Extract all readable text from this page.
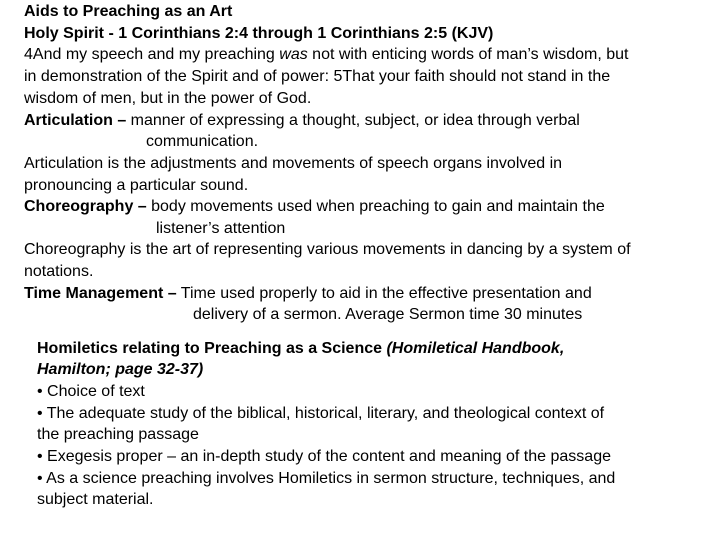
Aids to Preaching as an Art
Holy Spirit - 1 Corinthians 2:4 through 1 Corinthians 2:5 (KJV)
4And my speech and my preaching was not with enticing words of man’s wisdom, but
in demonstration of the Spirit and of power: 5That your faith should not stand in the
wisdom of men, but in the power of God.
Articulation – manner of expressing a thought, subject, or idea through verbal
communication.
Articulation is the adjustments and movements of speech organs involved in
pronouncing a particular sound.
Choreography – body movements used when preaching to gain and maintain the
listener’s attention
Choreography is the art of representing various movements in dancing by a system of
notations.
Time Management – Time used properly to aid in the effective presentation and
delivery of a sermon. Average Sermon time 30 minutes
Homiletics relating to Preaching as a Science (Homiletical Handbook,
Hamilton; page 32-37)
• Choice of text
• The adequate study of the biblical, historical, literary, and theological context of
the preaching passage
• Exegesis proper – an in-depth study of the content and meaning of the passage
• As a science preaching involves Homiletics in sermon structure, techniques, and
subject material.
